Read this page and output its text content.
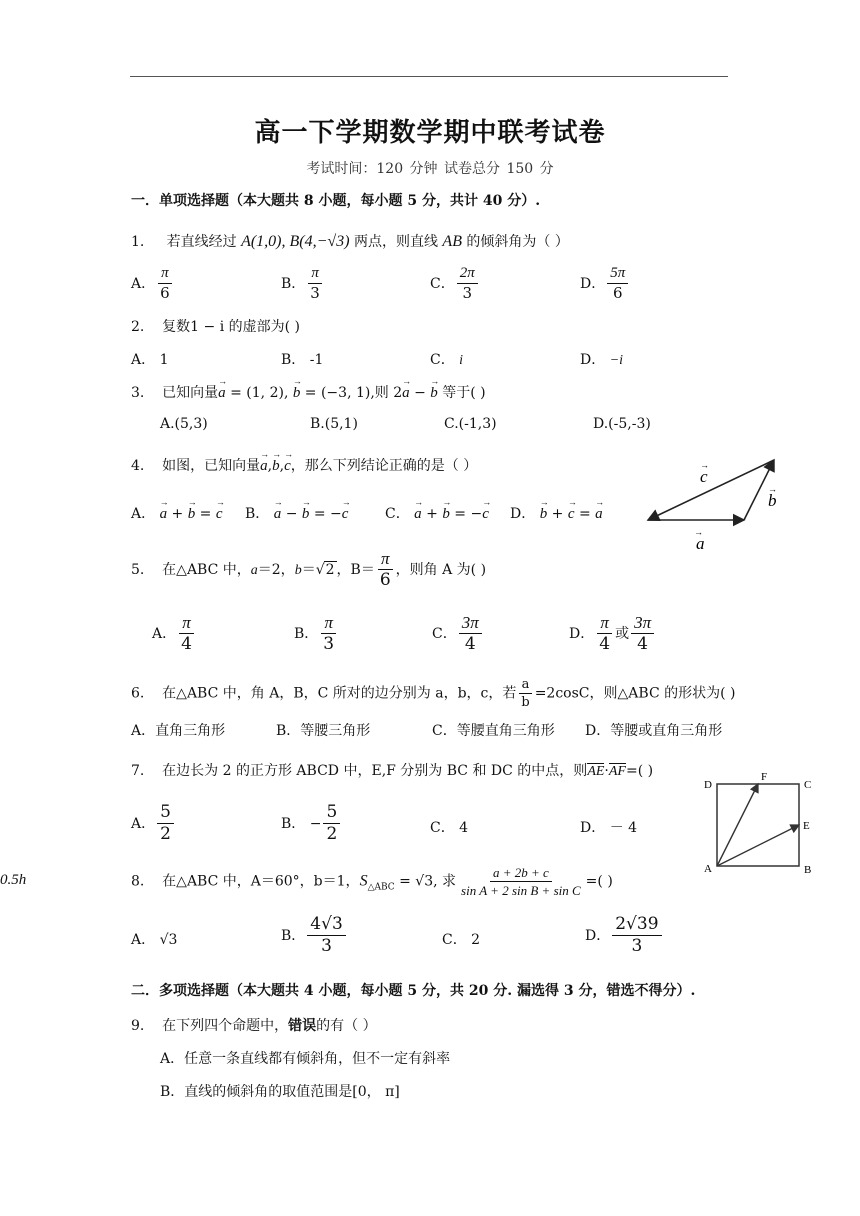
高一下学期数学期中联考试卷
考试时间：120 分钟 试卷总分 150 分
一．单项选择题（本大题共 8 小题，每小题 5 分，共计 40 分）.
1. 若直线经过 A(1,0), B(4,−√3) 两点，则直线 AB 的倾斜角为（ ）
A． $\frac{\pi}{6}$	B． $\frac{\pi}{3}$	C． $\frac{2\pi}{3}$	D． $\frac{5\pi}{6}$
2. 复数1 − i 的虚部为( )
A． 1	B． -1	C． i	D． −i
3. 已知向量→ a = (1, 2), → b = (−3, 1),则 2→ a − → b 等于( )
A.(5,3)	B.(5,1)	C.(-1,3)	D.(-5,-3)
4. 如图，已知向量→ a,→ b,→ c，那么下列结论正确的是（ ）
A． → a + → b = → c B． → a − → b = −→ c	C． → a + → b = −→ c D． → b + → c = → a
a
b
c
→
→
→
5. 在△ABC 中，a＝2，b＝√2 ，$B= \frac{\pi}{6}$ ，则角 A 为( )
A． $\frac{\pi}{4}$	B． $\frac{\pi}{3}$	C． $\frac{3\pi}{4}$	D． $\frac{\pi}{4}$ 或 $\frac{3\pi}{4}$
6. 在△ABC 中，角 A，B，C 所对的边分别为 a，b，c，若 $\frac{a}{b} =2\cos C$，则△ABC 的形状为( )
A．直角三角形	B．等腰三角形	C．等腰直角三角形 D．等腰或直角三角形
7. 在边长为 2 的正方形 ABCD 中，E,F 分别为 BC 和 DC 的中点，则AE·AF=( )
A． $\frac{5}{2}$	B． − $\frac{5}{2}$	C． 4	D． － 4
D	C
A	B
E
F
0.5h	8. 在△ABC 中，A＝60°，b＝1，$S_{\triangle ABC} = √3$, 求 $\frac{a + 2b + c}{\text{sin A + 2 sin B + sin C}}$ =( )
A． √3	B． $\frac{4√3}{3}$	C． 2	D． $\frac{2√39}{3}$
二．多项选择题（本大题共 4 小题，每小题 5 分，共 20 分. 漏选得 3 分，错选不得分）.
9. 在下列四个命题中，错误的有（ ）
A．任意一条直线都有倾斜角，但不一定有斜率
B．直线的倾斜角的取值范围是[0， π]
